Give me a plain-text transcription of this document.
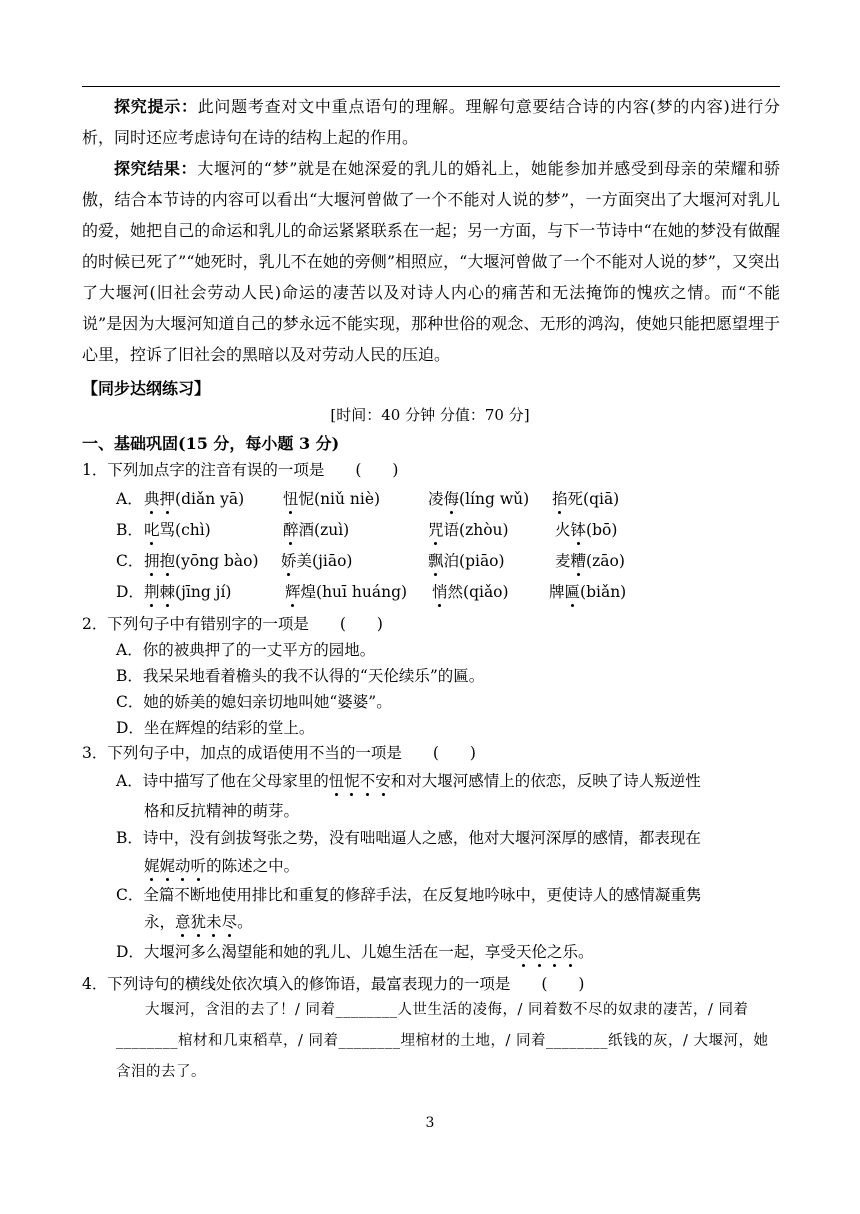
探究提示：此问题考查对文中重点语句的理解。理解句意要结合诗的内容(梦的内容)进行分析，同时还应考虑诗句在诗的结构上起的作用。
探究结果：大堰河的“梦”就是在她深爱的乳儿的婚礼上，她能参加并感受到母亲的荣耀和骄傲，结合本节诗的内容可以看出“大堰河曾做了一个不能对人说的梦”，一方面突出了大堰河对乳儿的爱，她把自己的命运和乳儿的命运紧紧联系在一起；另一方面，与下一节诗中“在她的梦没有做醒的时候已死了”“她死时，乳儿不在她的旁侧”相照应，“大堰河曾做了一个不能对人说的梦”，又突出了大堰河(旧社会劳动人民)命运的凄苦以及对诗人内心的痛苦和无法掩饰的愧疚之情。而“不能说”是因为大堰河知道自己的梦永远不能实现，那种世俗的观念、无形的鸿沟，使她只能把愿望埋于心里，控诉了旧社会的黑暗以及对劳动人民的压迫。
【同步达纲练习】
[时间：40 分钟 分值：70 分]
一、基础巩固(15 分，每小题 3 分)
1．下列加点字的注音有误的一项是　　(　　)
A． 典押(diǎn yā)	忸怩(niǔ niè)	凌侮(líng wǔ) 掐死(qiā)
B． 叱骂(chì)	醉酒(zuì)	咒语(zhòu)	火钵(bō)
C． 拥抱(yōng bào) 娇美(jiāo)	飘泊(piāo)	麦糟(zāo)
D． 荆棘(jīng jí)	辉煌(huī huáng) 悄然(qiǎo)	牌匾(biǎn)
2．下列句子中有错别字的一项是　　(　　)
A．你的被典押了的一丈平方的园地。
B．我呆呆地看着檐头的我不认得的“天伦续乐”的匾。
C．她的娇美的媳妇亲切地叫她“婆婆”。
D．坐在辉煌的结彩的堂上。
3．下列句子中，加点的成语使用不当的一项是　　(　　)
A．诗中描写了他在父母家里的忸怩不安和对大堰河感情上的依恋，反映了诗人叛逆性
格和反抗精神的萌芽。
B．诗中，没有剑拔弩张之势，没有咄咄逼人之感，他对大堰河深厚的感情，都表现在
娓娓动听的陈述之中。
C．全篇不断地使用排比和重复的修辞手法，在反复地吟咏中，更使诗人的感情凝重隽
永，意犹未尽。
D．大堰河多么渴望能和她的乳儿、儿媳生活在一起，享受天伦之乐。
4．下列诗句的横线处依次填入的修饰语，最富表现力的一项是　　(　　)
大堰河，含泪的去了！/ 同着________人世生活的凌侮，/ 同着数不尽的奴隶的凄苦，/ 同着________棺材和几束稻草，/ 同着________埋棺材的土地，/ 同着________纸钱的灰，/ 大堰河，她含泪的去了。
3
